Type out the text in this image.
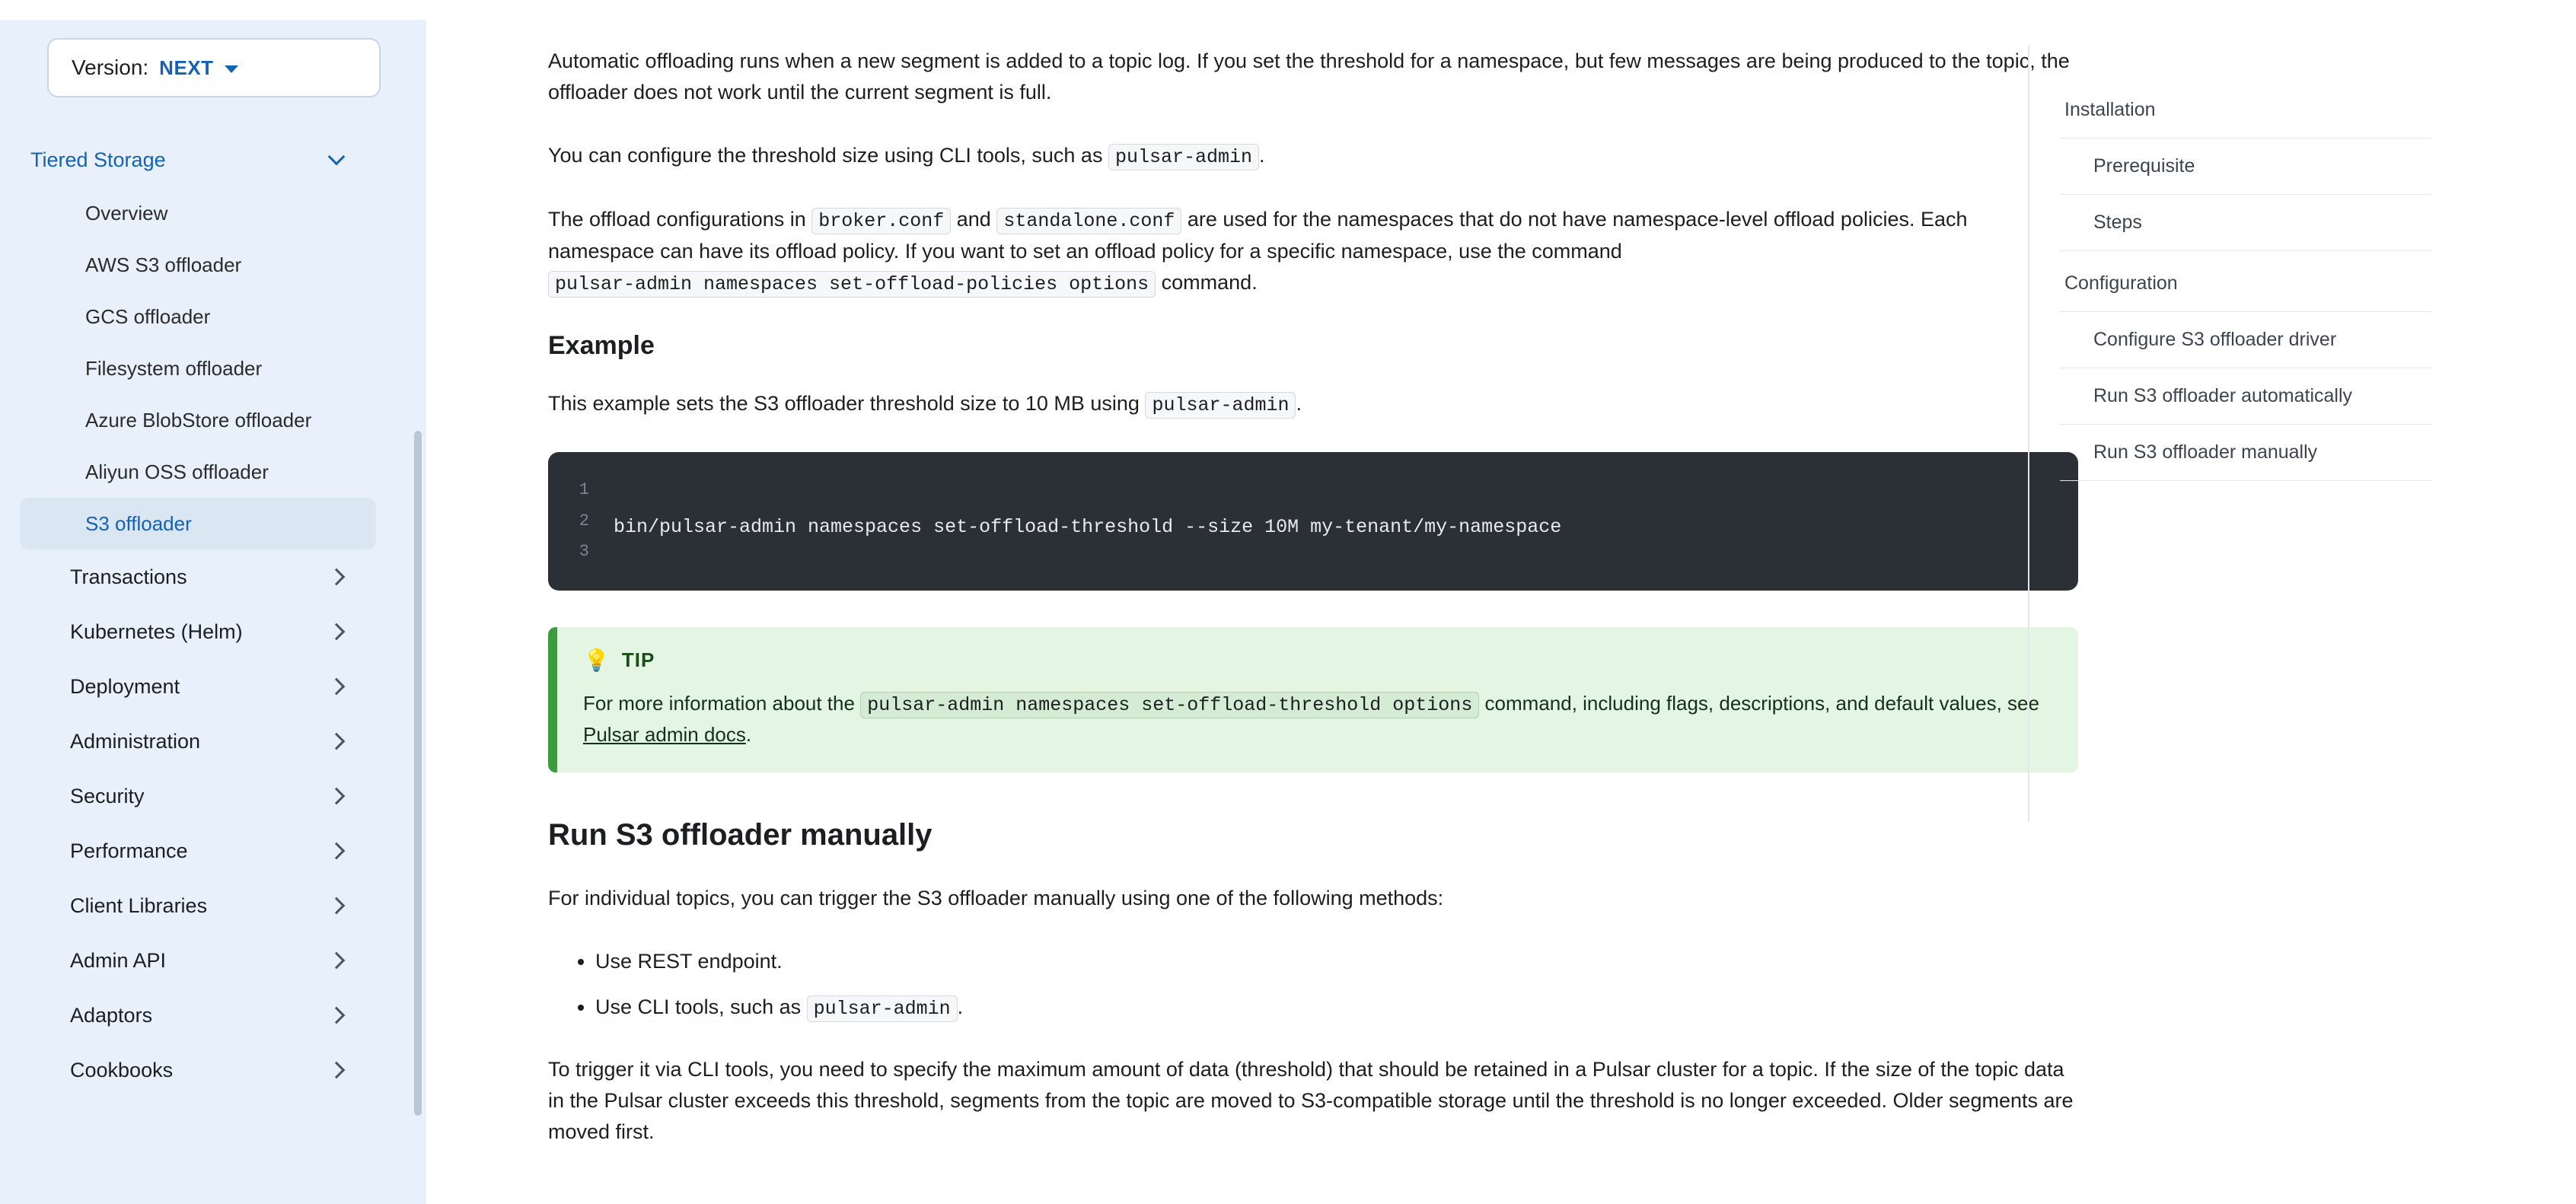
Version: NEXT
Tiered Storage
Overview
AWS S3 offloader
GCS offloader
Filesystem offloader
Azure BlobStore offloader
Aliyun OSS offloader
S3 offloader
Transactions
Kubernetes (Helm)
Deployment
Administration
Security
Performance
Client Libraries
Admin API
Adaptors
Cookbooks

Automatic offloading runs when a new segment is added to a topic log. If you set the threshold for a namespace, but few messages are being produced to the topic, the offloader does not work until the current segment is full.

You can configure the threshold size using CLI tools, such as pulsar-admin .

The offload configurations in broker.conf and standalone.conf are used for the namespaces that do not have namespace-level offload policies. Each namespace can have its offload policy. If you want to set an offload policy for a specific namespace, use the command pulsar-admin namespaces set-offload-policies options command.

Example

This example sets the S3 offloader threshold size to 10 MB using pulsar-admin .

1
2
3

bin/pulsar-admin namespaces set-offload-threshold --size 10M my-tenant/my-namespace
💡 TIP
For more information about the pulsar-admin namespaces set-offload-threshold options command, including flags, descriptions, and default values, see Pulsar admin docs.
Run S3 offloader manually

For individual topics, you can trigger the S3 offloader manually using one of the following methods:

• Use REST endpoint.
• Use CLI tools, such as pulsar-admin .

To trigger it via CLI tools, you need to specify the maximum amount of data (threshold) that should be retained in a Pulsar cluster for a topic. If the size of the topic data in the Pulsar cluster exceeds this threshold, segments from the topic are moved to S3-compatible storage until the threshold is no longer exceeded. Older segments are moved first.

Installation
Prerequisite
Steps
Configuration
Configure S3 offloader driver
Run S3 offloader automatically
Run S3 offloader manually
